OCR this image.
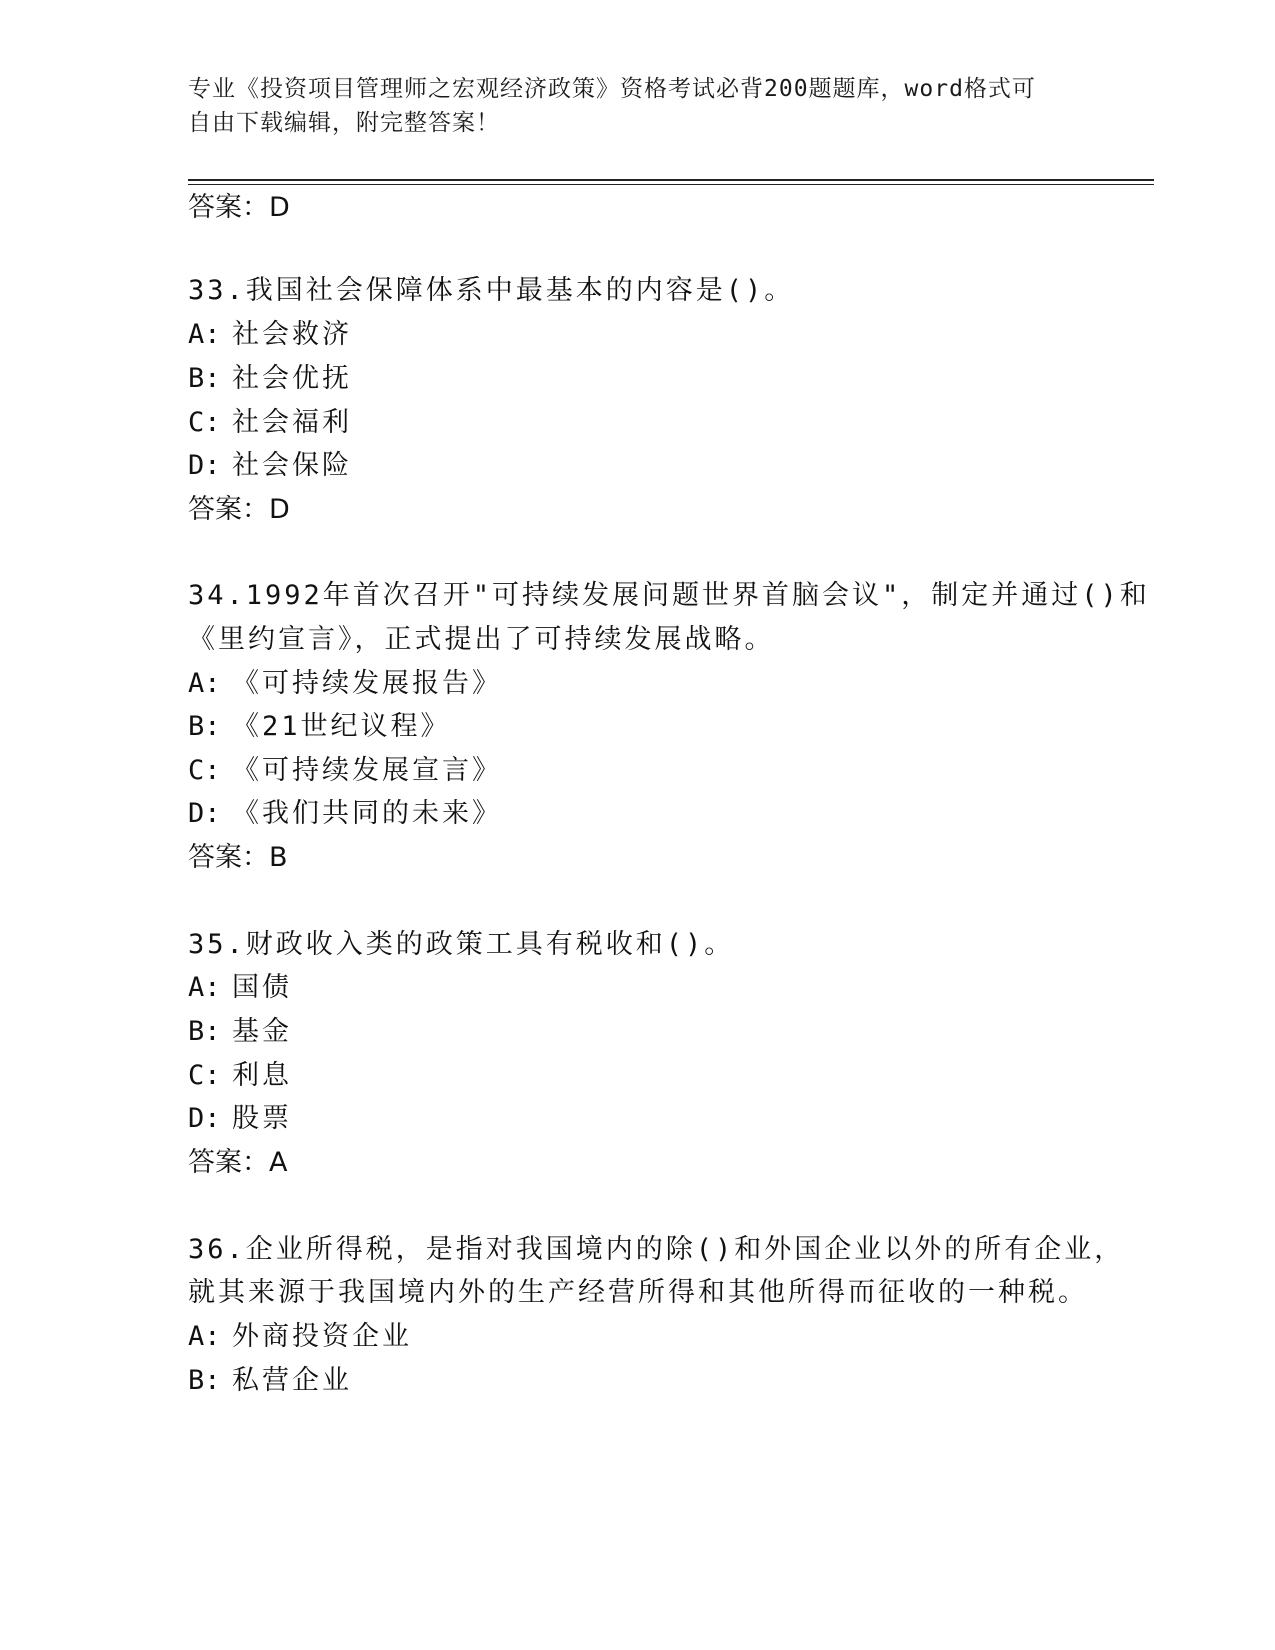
专业《投资项目管理师之宏观经济政策》资格考试必背200题题库，word格式可
自由下载编辑，附完整答案！
答案：D
33.我国社会保障体系中最基本的内容是()。
A: 社会救济
B: 社会优抚
C: 社会福利
D: 社会保险
答案：D
34.1992年首次召开"可持续发展问题世界首脑会议"，制定并通过()和
《里约宣言》，正式提出了可持续发展战略。
A: 《可持续发展报告》
B: 《21世纪议程》
C: 《可持续发展宣言》
D: 《我们共同的未来》
答案：B
35.财政收入类的政策工具有税收和()。
A: 国债
B: 基金
C: 利息
D: 股票
答案：A
36.企业所得税，是指对我国境内的除()和外国企业以外的所有企业，
就其来源于我国境内外的生产经营所得和其他所得而征收的一种税。
A: 外商投资企业
B: 私营企业
